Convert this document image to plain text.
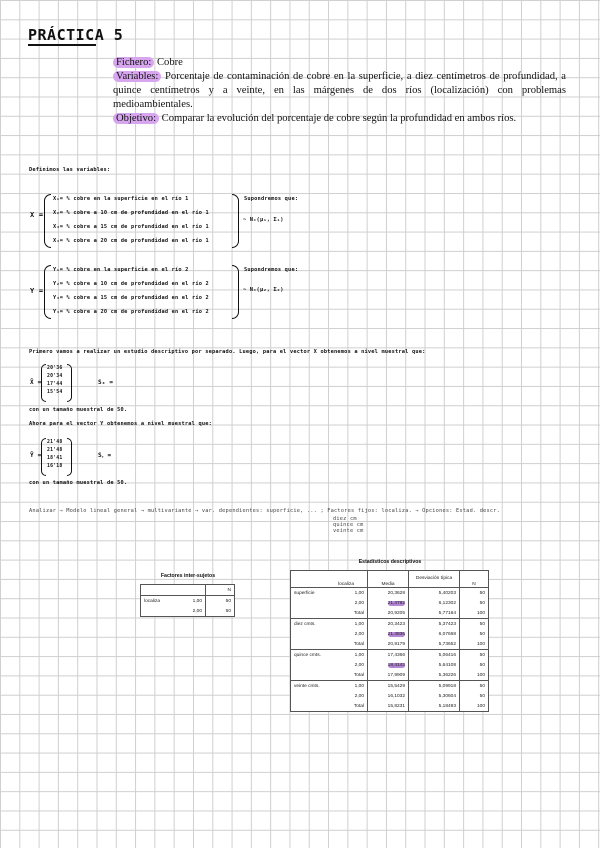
PRÁCTICA 5

Fichero: Cobre

Variables: Porcentaje de contaminación de cobre en la superficie, a diez centímetros de profundidad, a quince centímetros y a veinte, en las márgenes de dos ríos (localización) con problemas medioambientales.

Objetivo: Comparar la evolución del porcentaje de cobre según la profundidad en ambos ríos.

Definimos las variables:
X =
X₁= % cobre en la superficie en el río 1
X₂= % cobre a 10 cm de profundidad en el río 1
X₃= % cobre a 15 cm de profundidad en el río 1
X₄= % cobre a 20 cm de profundidad en el río 1
Supondremos que:
~ N₄(μ₁, Σ₁)
Y =
Y₁= % cobre en la superficie en el río 2
Y₂= % cobre a 10 cm de profundidad en el río 2
Y₃= % cobre a 15 cm de profundidad en el río 2
Y₄= % cobre a 20 cm de profundidad en el río 2
Supondremos que:
~ N₄(μ₂, Σ₂)
Primero vamos a realizar un estudio descriptivo por separado. Luego, para el vector X obtenemos a nivel muestral que:
X̄ =
20'36
20'34
17'44
15'54
Sₓ =
con un tamaño muestral de 50.
Ahora para el vector Y obtenemos a nivel muestral que:
Ȳ =
21'48
21'48
18'41
16'18
Sᵧ =
con un tamaño muestral de 50.
Analizar → Modelo lineal general → multivariante → var. dependientes: superficie, ... ; Factores fijos: localiza. → Opciones: Estad. descr.
diez cm
quince cm
veinte cm
Factores inter-sujetos
		N
localiza	1,00	50
	2,00	50
Estadísticos descriptivos
	localiza	Media	Desviación típica	N
superficie	1,00	20,3628	5,40203	50
	2,00	21,4782	6,12302	50
	Total	20,9205	5,77164	100
diez cmts.	1,00	20,3423	5,37423	50
	2,00	21,4836	6,07668	50
	Total	20,9179	5,73652	100
quince cmts.	1,00	17,4366	5,06416	50
	2,00	18,4143	5,64108	50
	Total	17,9909	5,36226	100
veinte cmts.	1,00	15,5429	5,09918	50
	2,00	16,1032	5,30604	50
	Total	15,8231	5,18493	100
